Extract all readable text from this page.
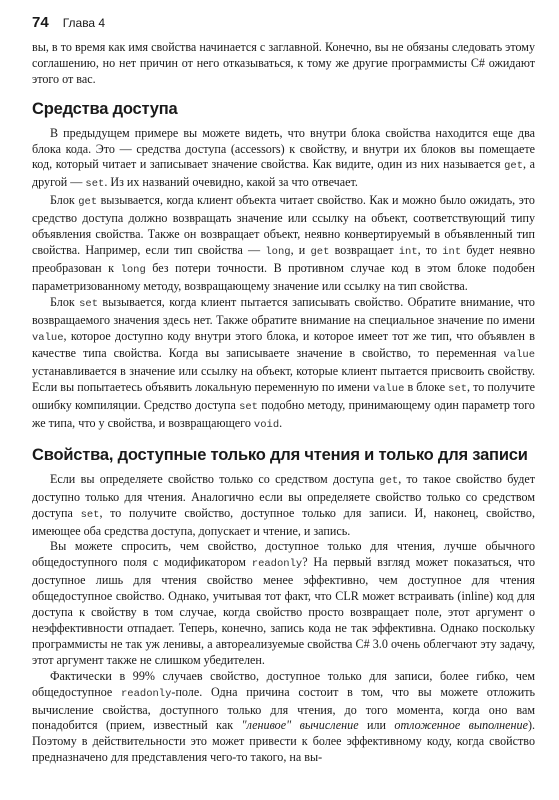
74 Глава 4

вы, в то время как имя свойства начинается с заглавной. Конечно, вы не обязаны следовать этому соглашению, но нет причин от него отказываться, к тому же другие программисты C# ожидают этого от вас.

Средства доступа

В предыдущем примере вы можете видеть, что внутри блока свойства находится еще два блока кода. Это — средства доступа (accessors) к свойству, и внутри их блоков вы помещаете код, который читает и записывает значение свойства. Как видите, один из них называется get, а другой — set. Из их названий очевидно, какой за что отвечает.

Блок get вызывается, когда клиент объекта читает свойство. Как и можно было ожидать, это средство доступа должно возвращать значение или ссылку на объект, соответствующий типу объявления свойства. Также он возвращает объект, неявно конвертируемый в объявленный тип свойства. Например, если тип свойства — long, и get возвращает int, то int будет неявно преобразован к long без потери точности. В противном случае код в этом блоке подобен параметризованному методу, возвращающему значение или ссылку на тип свойства.

Блок set вызывается, когда клиент пытается записывать свойство. Обратите внимание, что возвращаемого значения здесь нет. Также обратите внимание на специальное значение по имени value, которое доступно коду внутри этого блока, и которое имеет тот же тип, что объявлен в качестве типа свойства. Когда вы записываете значение в свойство, то переменная value устанавливается в значение или ссылку на объект, которые клиент пытается присвоить свойству. Если вы попытаетесь объявить локальную переменную по имени value в блоке set, то получите ошибку компиляции. Средство доступа set подобно методу, принимающему один параметр того же типа, что у свойства, и возвращающего void.

Свойства, доступные только для чтения и только для записи

Если вы определяете свойство только со средством доступа get, то такое свойство будет доступно только для чтения. Аналогично если вы определяете свойство только со средством доступа set, то получите свойство, доступное только для записи. И, наконец, свойство, имеющее оба средства доступа, допускает и чтение, и запись.

Вы можете спросить, чем свойство, доступное только для чтения, лучше обычного общедоступного поля с модификатором readonly? На первый взгляд может показаться, что доступное лишь для чтения свойство менее эффективно, чем доступное для чтения общедоступное свойство. Однако, учитывая тот факт, что CLR может встраивать (inline) код для доступа к свойству в том случае, когда свойство просто возвращает поле, этот аргумент о неэффективности отпадает. Теперь, конечно, запись кода не так эффективна. Однако поскольку программисты не так уж ленивы, а автореализуемые свойства C# 3.0 очень облегчают эту задачу, этот аргумент также не слишком убедителен.

Фактически в 99% случаев свойство, доступное только для записи, более гибко, чем общедоступное readonly-поле. Одна причина состоит в том, что вы можете отложить вычисление свойства, доступного только для чтения, до того момента, когда оно вам понадобится (прием, известный как "ленивое" вычисление или отложенное выполнение). Поэтому в действительности это может привести к более эффективному коду, когда свойство предназначено для представления чего-то такого, на вы-
